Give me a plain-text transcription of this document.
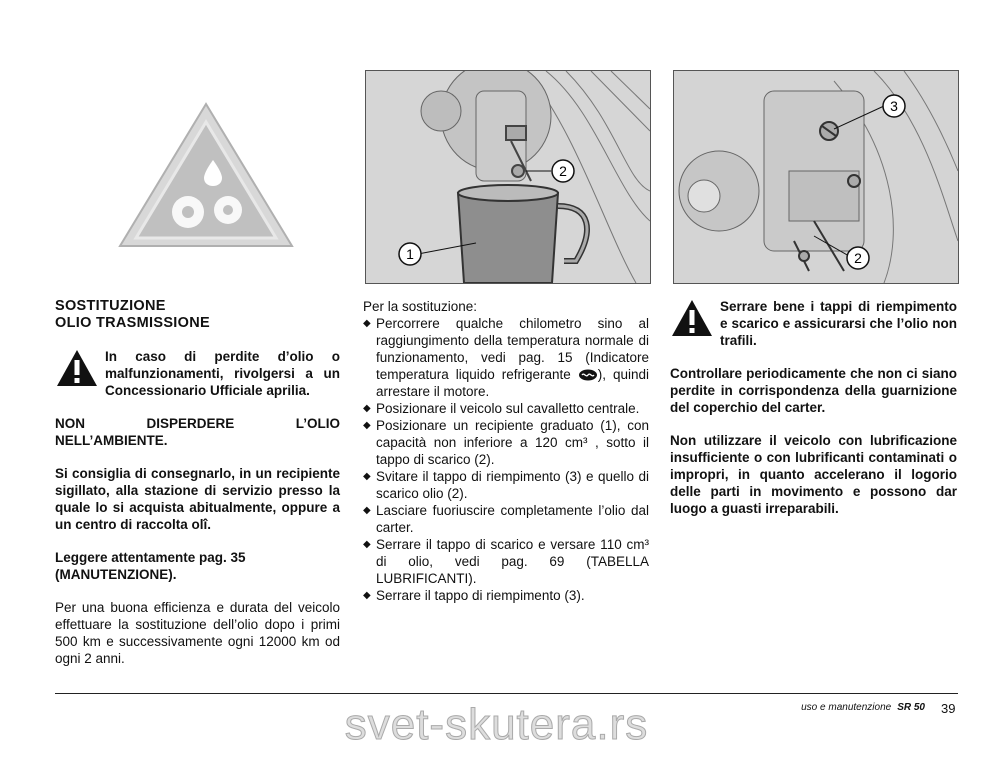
1
2
3
2
SOSTITUZIONE
OLIO TRASMISSIONE
In caso di perdite d’olio o malfunzionamenti, rivolgersi a un Concessionario Ufficiale aprilia.

NON DISPERDERE L’OLIO NELL’AMBIENTE.

Si consiglia di consegnarlo, in un recipiente sigillato, alla stazione di servizio presso la quale lo si acquista abitualmente, oppure a un centro di raccolta olî.

Leggere attentamente pag. 35 (MANUTENZIONE).

Per una buona efficienza e durata del veicolo effettuare la sostituzione dell’olio dopo i primi 500 km e successivamente ogni 12000 km od ogni 2 anni.

Per la sostituzione:

◆ Percorrere qualche chilometro sino al raggiungimento della temperatura normale di funzionamento, vedi pag. 15 (Indicatore temperatura liquido refrigerante ), quindi arrestare il motore.
◆ Posizionare il veicolo sul cavalletto centrale.
◆ Posizionare un recipiente graduato (1), con capacità non inferiore a 120 cm³ , sotto il tappo di scarico (2).
◆ Svitare il tappo di riempimento (3) e quello di scarico olio (2).
◆ Lasciare fuoriuscire completamente l’olio dal carter.
◆ Serrare il tappo di scarico e versare 110 cm³ di olio, vedi pag. 69 (TABELLA LUBRIFICANTI).
◆ Serrare il tappo di riempimento (3).
Serrare bene i tappi di riempimento e scarico e assicurarsi che l’olio non trafili.

Controllare periodicamente che non ci siano perdite in corrispondenza della guarnizione del coperchio del carter.

Non utilizzare il veicolo con lubrificazione insufficiente o con lubrificanti contaminati o impropri, in quanto accelerano il logorio delle parti in movimento e possono dar luogo a guasti irreparabili.

uso e manutenzione SR 50 39
svet-skutera.rs
